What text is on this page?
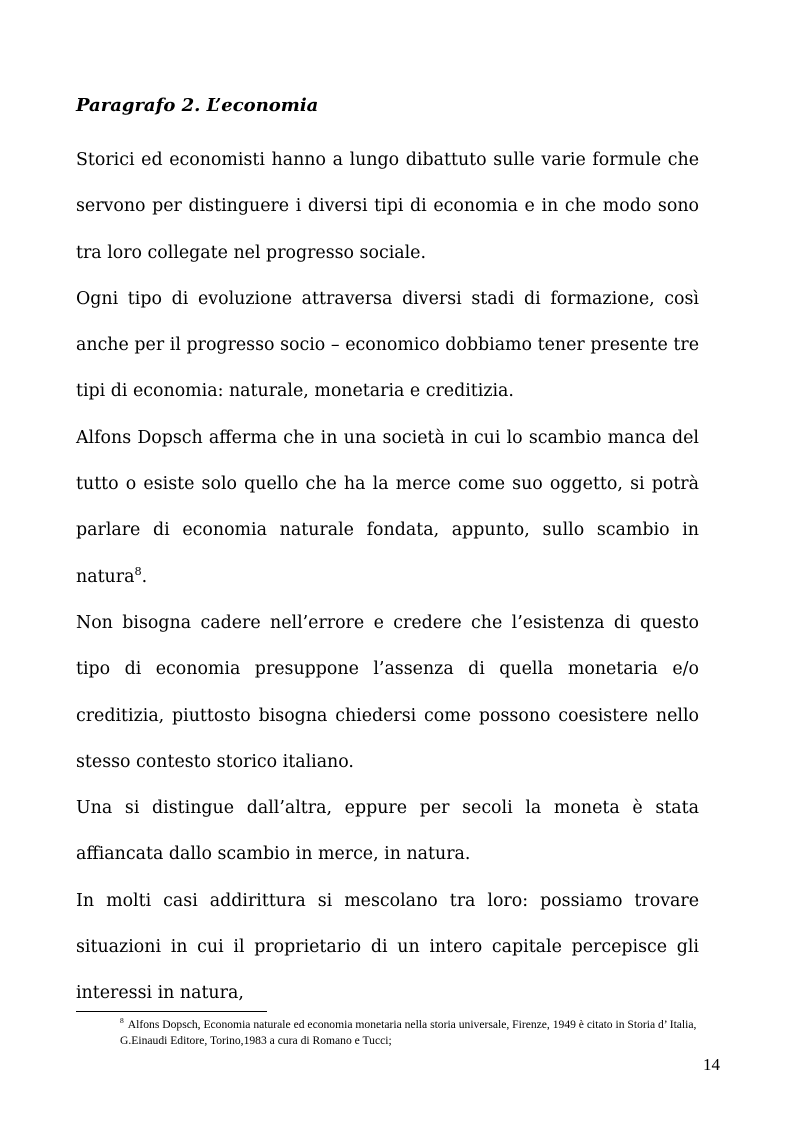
Paragrafo 2. L’economia

Storici ed economisti hanno a lungo dibattuto sulle varie formule che servono per distinguere i diversi tipi di economia e in che modo sono tra loro collegate nel progresso sociale.

Ogni tipo di evoluzione attraversa diversi stadi di formazione, così anche per il progresso socio – economico dobbiamo tener presente tre tipi di economia: naturale, monetaria e creditizia.

Alfons Dopsch afferma che in una società in cui lo scambio manca del tutto o esiste solo quello che ha la merce come suo oggetto, si potrà parlare di economia naturale fondata, appunto, sullo scambio in natura$^8$.

Non bisogna cadere nell’errore e credere che l’esistenza di questo tipo di economia presuppone l’assenza di quella monetaria e/o creditizia, piuttosto bisogna chiedersi come possono coesistere nello stesso contesto storico italiano.

Una si distingue dall’altra, eppure per secoli la moneta è stata affiancata dallo scambio in merce, in natura.

In molti casi addirittura si mescolano tra loro: possiamo trovare situazioni in cui il proprietario di un intero capitale percepisce gli interessi in natura,

$^8$ Alfons Dopsch, Economia naturale ed economia monetaria nella storia universale, Firenze, 1949 è citato in Storia d’ Italia, G.Einaudi Editore, Torino,1983 a cura di Romano e Tucci;
14
